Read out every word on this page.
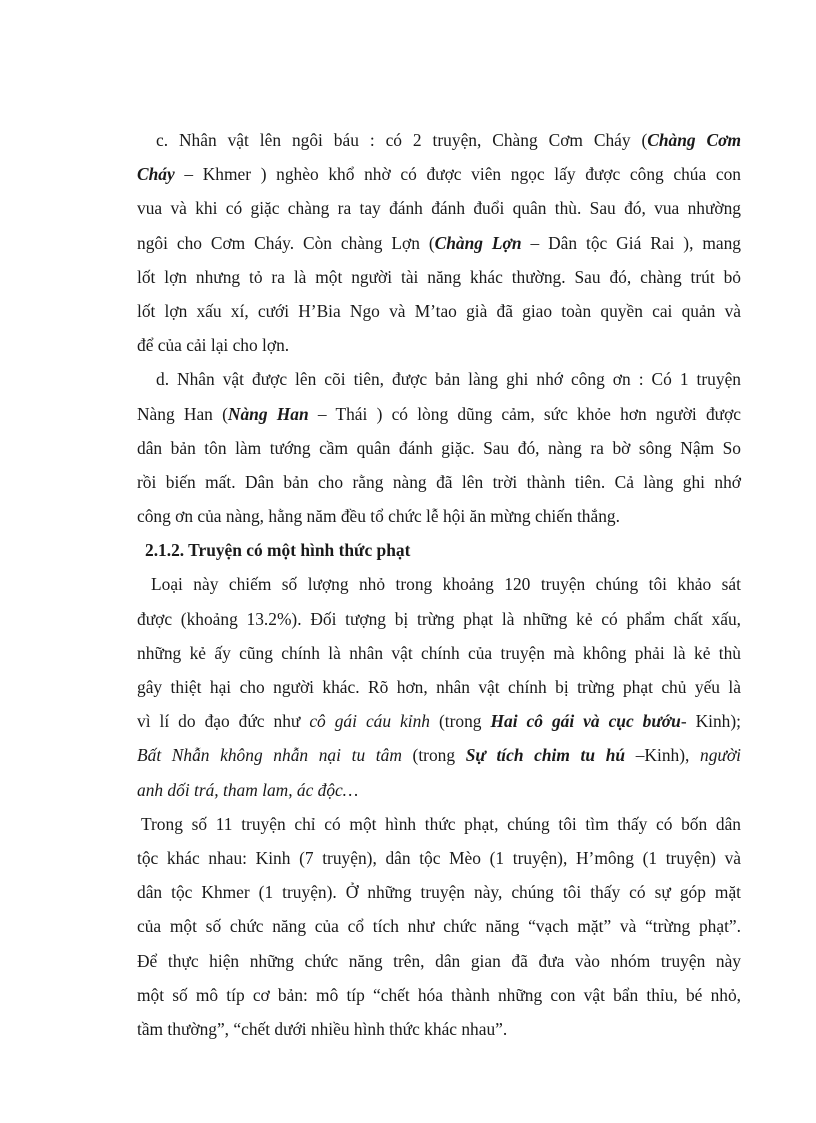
c. Nhân vật lên ngôi báu : có 2 truyện, Chàng Cơm Cháy (Chàng Cơm
Cháy – Khmer ) nghèo khổ nhờ có được viên ngọc lấy được công chúa con
vua và khi có giặc chàng ra tay đánh đánh đuổi quân thù. Sau đó, vua nhường
ngôi cho Cơm Cháy. Còn chàng Lợn (Chàng Lợn – Dân tộc Giá Rai ), mang
lốt lợn nhưng tỏ ra là một người tài năng khác thường. Sau đó, chàng trút bỏ
lốt lợn xấu xí, cưới H’Bia Ngo và M’tao già đã giao toàn quyền cai quản và
để của cải lại cho lợn.
d. Nhân vật được lên cõi tiên, được bản làng ghi nhớ công ơn : Có 1 truyện
Nàng Han (Nàng Han – Thái ) có lòng dũng cảm, sức khỏe hơn người được
dân bản tôn làm tướng cầm quân đánh giặc. Sau đó, nàng ra bờ sông Nậm So
rồi biến mất. Dân bản cho rằng nàng đã lên trời thành tiên. Cả làng ghi nhớ
công ơn của nàng, hằng năm đều tổ chức lễ hội ăn mừng chiến thắng.
2.1.2. Truyện có một hình thức phạt
Loại này chiếm số lượng nhỏ trong khoảng 120 truyện chúng tôi khảo sát
được (khoảng 13.2%). Đối tượng bị trừng phạt là những kẻ có phẩm chất xấu,
những kẻ ấy cũng chính là nhân vật chính của truyện mà không phải là kẻ thù
gây thiệt hại cho người khác. Rõ hơn, nhân vật chính bị trừng phạt chủ yếu là
vì lí do đạo đức như cô gái cáu kỉnh (trong Hai cô gái và cục bướu- Kinh);
Bất Nhẫn không nhẫn nại tu tâm (trong Sự tích chim tu hú –Kinh), người
anh dối trá, tham lam, ác độc…
Trong số 11 truyện chỉ có một hình thức phạt, chúng tôi tìm thấy có bốn dân
tộc khác nhau: Kinh (7 truyện), dân tộc Mèo (1 truyện), H’mông (1 truyện) và
dân tộc Khmer (1 truyện). Ở những truyện này, chúng tôi thấy có sự góp mặt
của một số chức năng của cổ tích như chức năng “vạch mặt” và “trừng phạt”.
Để thực hiện những chức năng trên, dân gian đã đưa vào nhóm truyện này
một số mô típ cơ bản: mô típ “chết hóa thành những con vật bẩn thỉu, bé nhỏ,
tầm thường”, “chết dưới nhiều hình thức khác nhau”.
